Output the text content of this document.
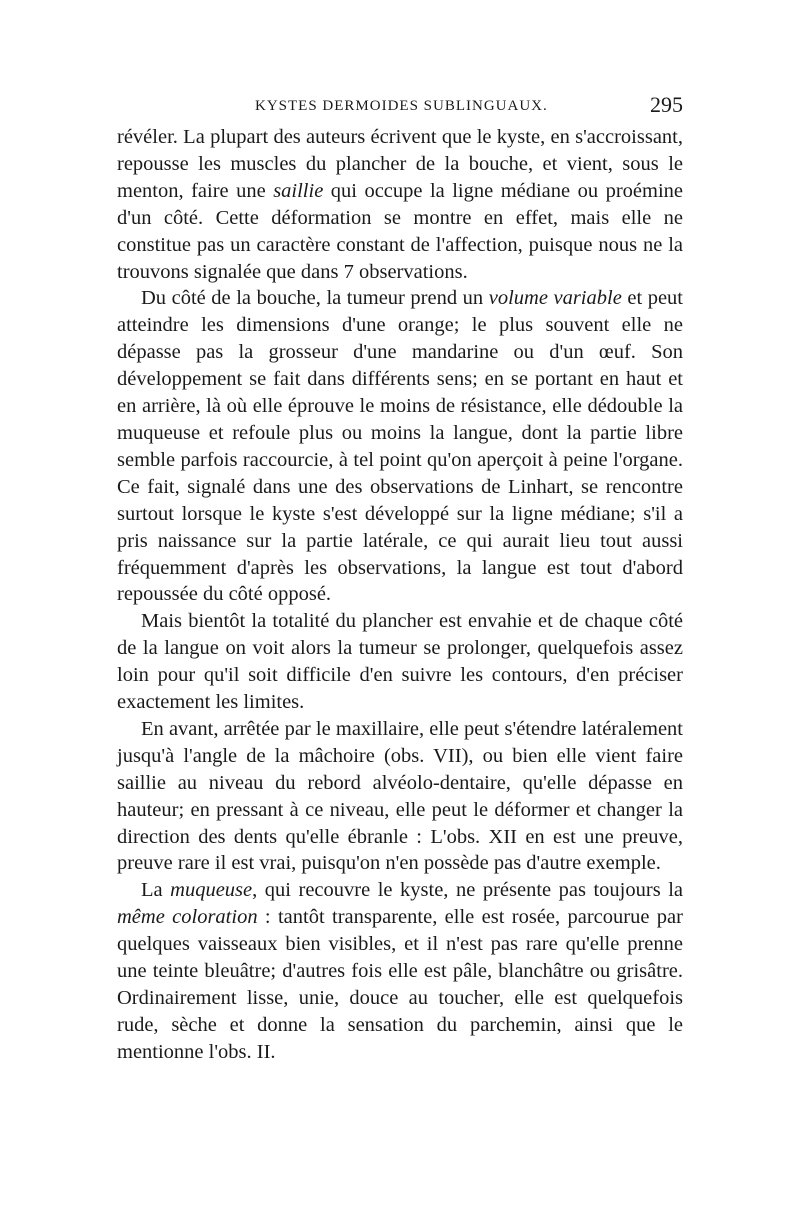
KYSTES DERMOIDES SUBLINGUAUX.	295

révéler. La plupart des auteurs écrivent que le kyste, en s'accroissant, repousse les muscles du plancher de la bouche, et vient, sous le menton, faire une saillie qui occupe la ligne médiane ou proémine d'un côté. Cette déformation se montre en effet, mais elle ne constitue pas un caractère constant de l'affection, puisque nous ne la trouvons signalée que dans 7 observations.

Du côté de la bouche, la tumeur prend un volume variable et peut atteindre les dimensions d'une orange; le plus souvent elle ne dépasse pas la grosseur d'une mandarine ou d'un œuf. Son développement se fait dans différents sens; en se portant en haut et en arrière, là où elle éprouve le moins de résistance, elle dédouble la muqueuse et refoule plus ou moins la langue, dont la partie libre semble parfois raccourcie, à tel point qu'on aperçoit à peine l'organe. Ce fait, signalé dans une des observations de Linhart, se rencontre surtout lorsque le kyste s'est développé sur la ligne médiane; s'il a pris naissance sur la partie latérale, ce qui aurait lieu tout aussi fréquemment d'après les observations, la langue est tout d'abord repoussée du côté opposé.

Mais bientôt la totalité du plancher est envahie et de chaque côté de la langue on voit alors la tumeur se prolonger, quelquefois assez loin pour qu'il soit difficile d'en suivre les contours, d'en préciser exactement les limites.

En avant, arrêtée par le maxillaire, elle peut s'étendre latéralement jusqu'à l'angle de la mâchoire (obs. VII), ou bien elle vient faire saillie au niveau du rebord alvéolo-dentaire, qu'elle dépasse en hauteur; en pressant à ce niveau, elle peut le déformer et changer la direction des dents qu'elle ébranle : L'obs. XII en est une preuve, preuve rare il est vrai, puisqu'on n'en possède pas d'autre exemple.

La muqueuse, qui recouvre le kyste, ne présente pas toujours la même coloration : tantôt transparente, elle est rosée, parcourue par quelques vaisseaux bien visibles, et il n'est pas rare qu'elle prenne une teinte bleuâtre; d'autres fois elle est pâle, blanchâtre ou grisâtre. Ordinairement lisse, unie, douce au toucher, elle est quelquefois rude, sèche et donne la sensation du parchemin, ainsi que le mentionne l'obs. II.
